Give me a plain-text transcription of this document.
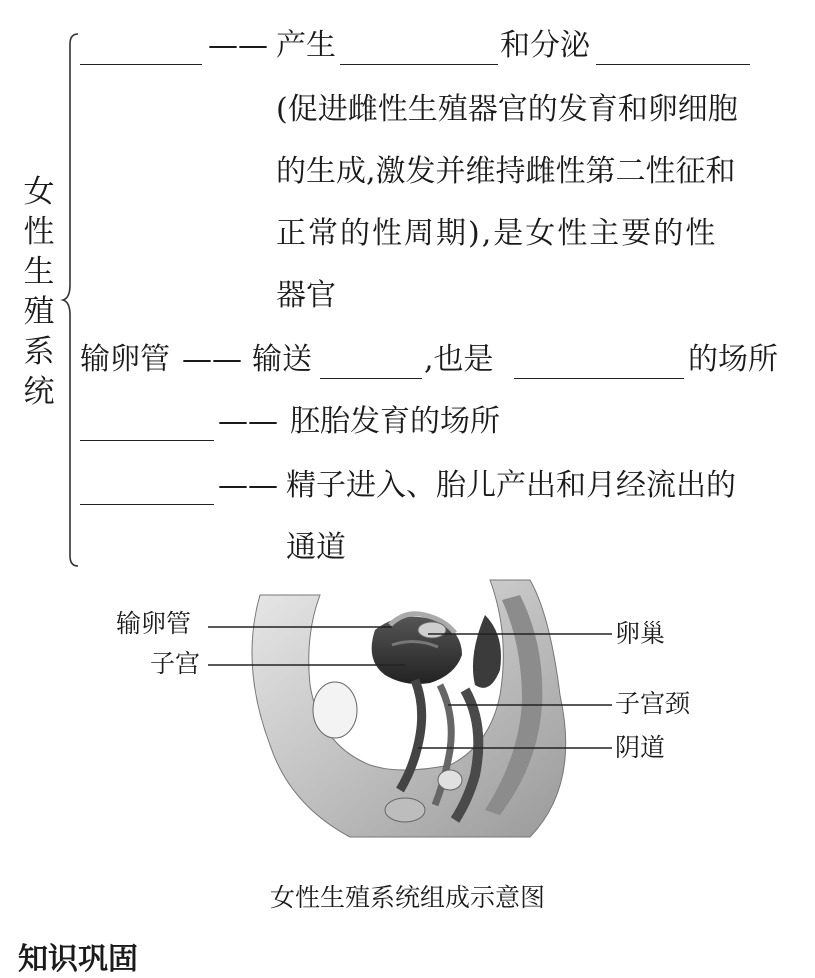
女性生殖系统
—— 产生	和分泌
(促进雌性生殖器官的发育和卵细胞
的生成,激发并维持雌性第二性征和
正常的性周期),是女性主要的性
器官
输卵管 —— 输送	,也是	的场所
—— 胚胎发育的场所
—— 精子进入、胎儿产出和月经流出的
通道
输卵管
子宫
卵巢
子宫颈
阴道
女性生殖系统组成示意图
知识巩固
